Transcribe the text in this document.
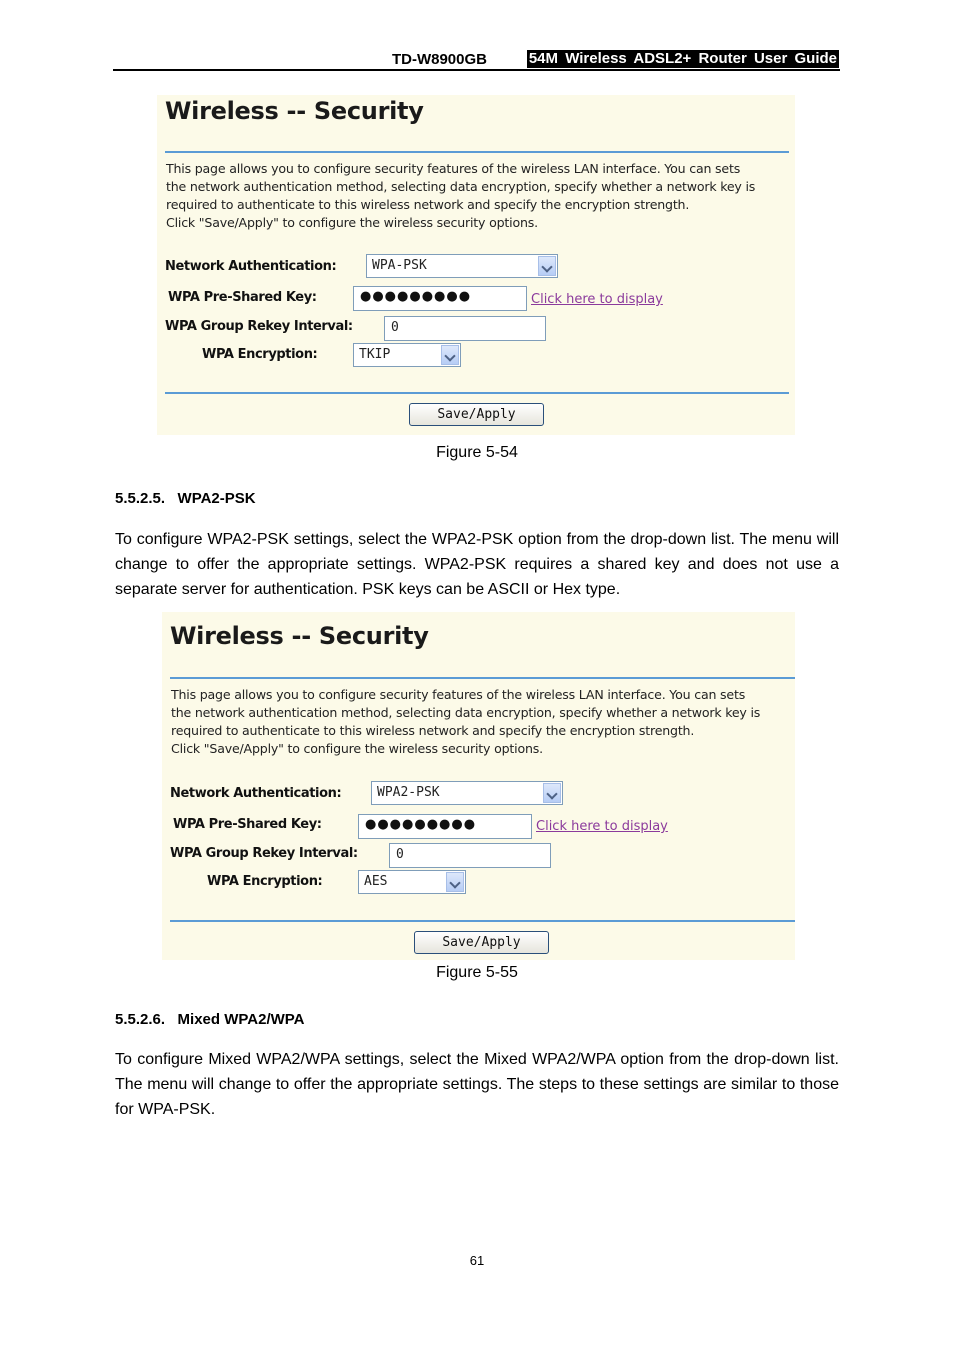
TD-W8900GB	54M Wireless ADSL2+ Router User Guide
Wireless -- Security
This page allows you to configure security features of the wireless LAN interface. You can sets
the network authentication method, selecting data encryption, specify whether a network key is
required to authenticate to this wireless network and specify the encryption strength.
Click "Save/Apply" to configure the wireless security options.
Network Authentication:	WPA-PSK
WPA Pre-Shared Key:	●●●●●●●●●	Click here to display
WPA Group Rekey Interval:	0
WPA Encryption:	TKIP
Save/Apply
Figure 5-54
5.5.2.5.   WPA2-PSK
To configure WPA2-PSK settings, select the WPA2-PSK option from the drop-down list. The menu will change to offer the appropriate settings. WPA2-PSK requires a shared key and does not use a separate server for authentication. PSK keys can be ASCII or Hex type.
Wireless -- Security
This page allows you to configure security features of the wireless LAN interface. You can sets
the network authentication method, selecting data encryption, specify whether a network key is
required to authenticate to this wireless network and specify the encryption strength.
Click "Save/Apply" to configure the wireless security options.
Network Authentication:	WPA2-PSK
WPA Pre-Shared Key:	●●●●●●●●●	Click here to display
WPA Group Rekey Interval:	0
WPA Encryption:	AES
Save/Apply
Figure 5-55
5.5.2.6.   Mixed WPA2/WPA
To configure Mixed WPA2/WPA settings, select the Mixed WPA2/WPA option from the drop-down list. The menu will change to offer the appropriate settings. The steps to these settings are similar to those for WPA-PSK.
61
